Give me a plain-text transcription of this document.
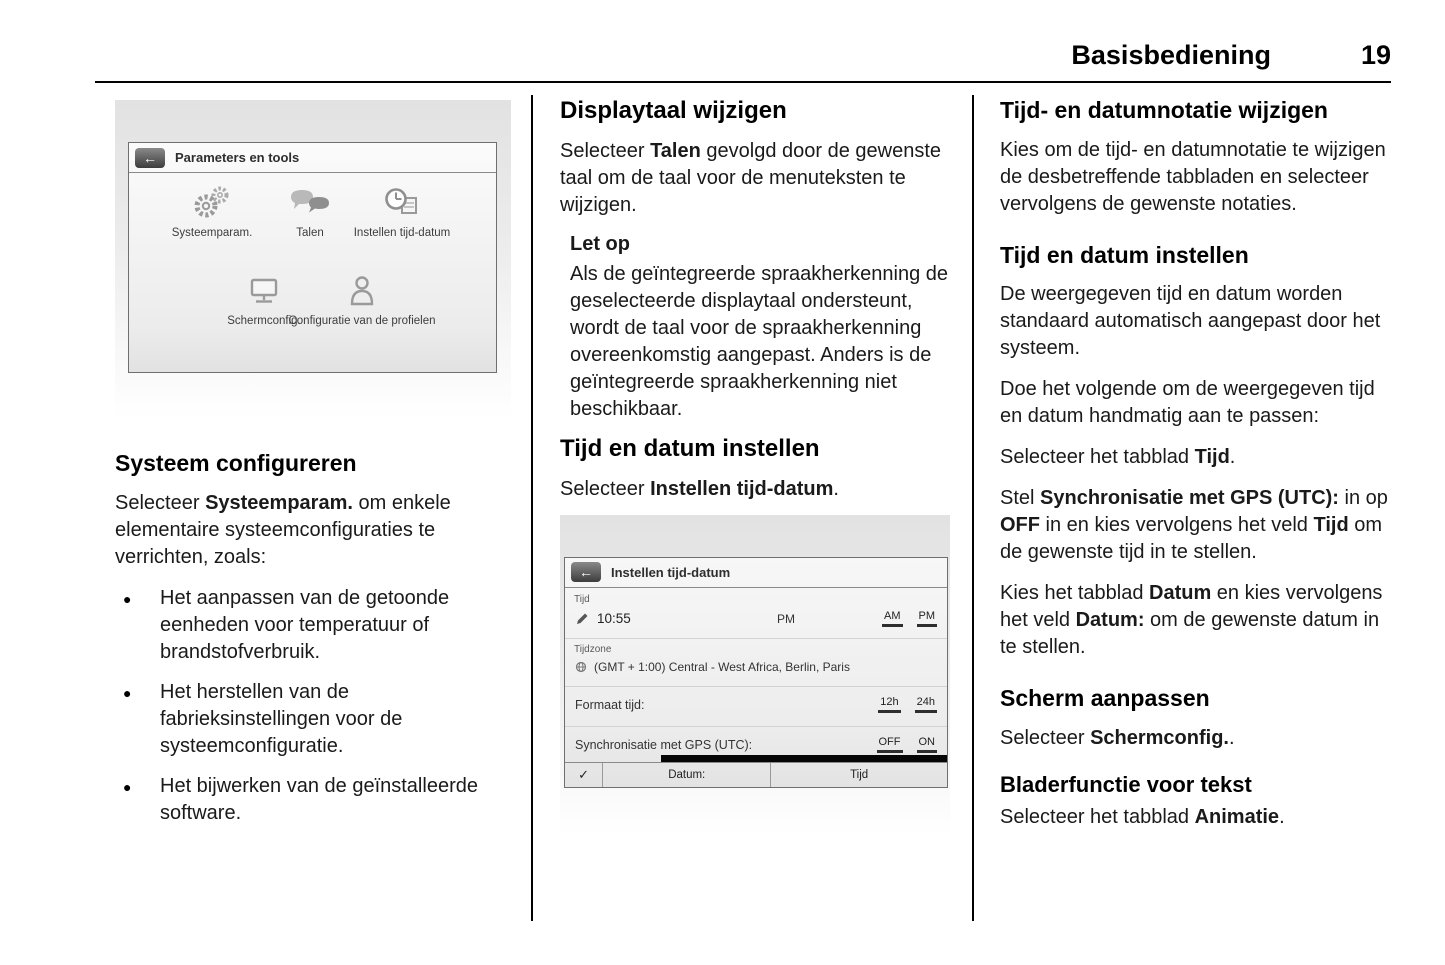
Basisbediening	19
← Parameters en tools
Systeemparam.	Talen	Instellen tijd-datum
Schermconfig.
Configuratie van de profielen
Systeem configureren

Selecteer Systeemparam. om enkele elementaire systeemconfiguraties te verrichten, zoals:

● Het aanpassen van de getoonde eenheden voor temperatuur of brandstofverbruik.
● Het herstellen van de fabrieksinstellingen voor de systeemconfiguratie.
● Het bijwerken van de geïnstalleerde software.
Displaytaal wijzigen

Selecteer Talen gevolgd door de gewenste taal om de taal voor de menuteksten te wijzigen.

Let op

Als de geïntegreerde spraakherkenning de geselecteerde displaytaal ondersteunt, wordt de taal voor de spraakherkenning overeenkomstig aangepast. Anders is de geïntegreerde spraakherkenning niet beschikbaar.

Tijd en datum instellen

Selecteer Instellen tijd-datum.

← Instellen tijd-datum
Tijd
10:55	PM	AM PM
Tijdzone
(GMT + 1:00) Central - West Africa, Berlin, Paris
Formaat tijd:	12h 24h
Synchronisatie met GPS (UTC):	OFF ON
✓	Datum:	Tijd
Tijd- en datumnotatie wijzigen

Kies om de tijd- en datumnotatie te wijzigen de desbetreffende tabbladen en selecteer vervolgens de gewenste notaties.

Tijd en datum instellen

De weergegeven tijd en datum worden standaard automatisch aangepast door het systeem.

Doe het volgende om de weergegeven tijd en datum handmatig aan te passen:

Selecteer het tabblad Tijd.

Stel Synchronisatie met GPS (UTC): in op OFF in en kies vervolgens het veld Tijd om de gewenste tijd in te stellen.

Kies het tabblad Datum en kies vervolgens het veld Datum: om de gewenste datum in te stellen.

Scherm aanpassen

Selecteer Schermconfig..

Bladerfunctie voor tekst

Selecteer het tabblad Animatie.
